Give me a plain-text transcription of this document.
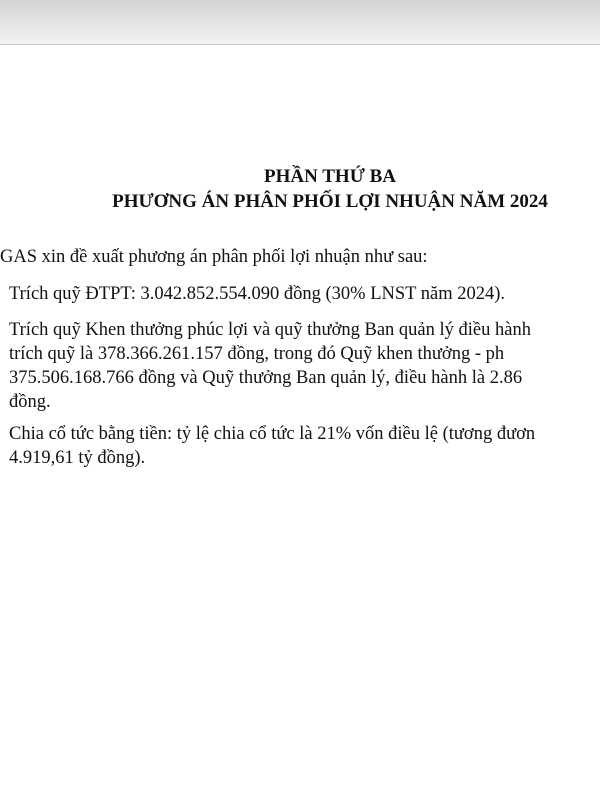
PHẦN THỨ BA
PHƯƠNG ÁN PHÂN PHỐI LỢI NHUẬN NĂM 2024
GAS xin đề xuất phương án phân phối lợi nhuận như sau:
Trích quỹ ĐTPT: 3.042.852.554.090 đồng (30% LNST năm 2024).
Trích quỹ Khen thưởng phúc lợi và quỹ thưởng Ban quản lý điều hành
trích quỹ là 378.366.261.157 đồng, trong đó Quỹ khen thưởng - ph
375.506.168.766 đồng và Quỹ thưởng Ban quản lý, điều hành là 2.86
đồng.
Chia cổ tức bằng tiền: tỷ lệ chia cổ tức là 21% vốn điều lệ (tương đươn
4.919,61 tỷ đồng).
